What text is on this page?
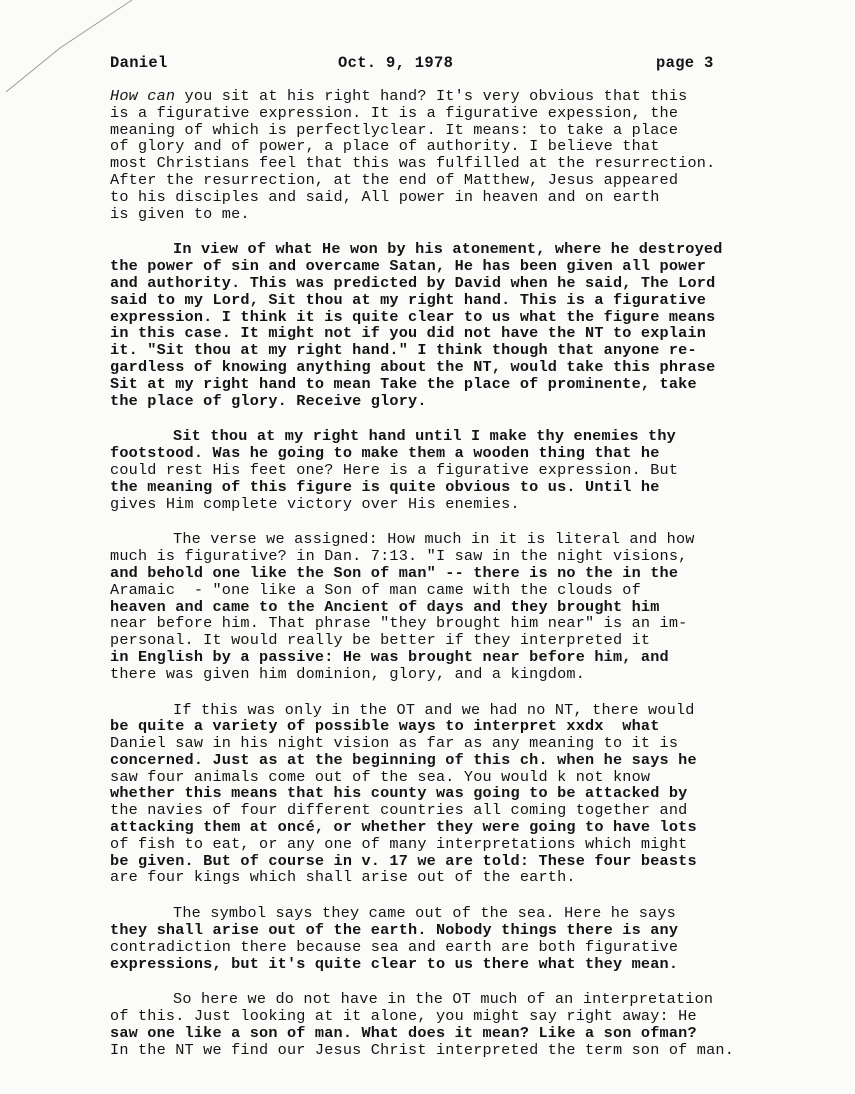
Daniel	Oct. 9, 1978	page 3
How can you sit at his right hand? It's very obvious that this
is a figurative expression. It is a figurative expession, the
meaning of which is perfectlyclear. It means: to take a place
of glory and of power, a place of authority. I believe that
most Christians feel that this was fulfilled at the resurrection.
After the resurrection, at the end of Matthew, Jesus appeared
to his disciples and said, All power in heaven and on earth
is given to me.
In view of what He won by his atonement, where he destroyed
the power of sin and overcame Satan, He has been given all power
and authority. This was predicted by David when he said, The Lord
said to my Lord, Sit thou at my right hand. This is a figurative
expression. I think it is quite clear to us what the figure means
in this case. It might not if you did not have the NT to explain
it. "Sit thou at my right hand." I think though that anyone re-
gardless of knowing anything about the NT, would take this phrase
Sit at my right hand to mean Take the place of prominente, take
the place of glory. Receive glory.
Sit thou at my right hand until I make thy enemies thy
footstood. Was he going to make them a wooden thing that he
could rest His feet one? Here is a figurative expression. But
the meaning of this figure is quite obvious to us. Until he
gives Him complete victory over His enemies.
The verse we assigned: How much in it is literal and how
much is figurative? in Dan. 7:13. "I saw in the night visions,
and behold one like the Son of man" -- there is no the in the
Aramaic  - "one like a Son of man came with the clouds of
heaven and came to the Ancient of days and they brought him
near before him. That phrase "they brought him near" is an im-
personal. It would really be better if they interpreted it
in English by a passive: He was brought near before him, and
there was given him dominion, glory, and a kingdom.
If this was only in the OT and we had no NT, there would
be quite a variety of possible ways to interpret xxdx  what
Daniel saw in his night vision as far as any meaning to it is
concerned. Just as at the beginning of this ch. when he says he
saw four animals come out of the sea. You would k not know
whether this means that his county was going to be attacked by
the navies of four different countries all coming together and
attacking them at oncé, or whether they were going to have lots
of fish to eat, or any one of many interpretations which might
be given. But of course in v. 17 we are told: These four beasts
are four kings which shall arise out of the earth.
The symbol says they came out of the sea. Here he says
they shall arise out of the earth. Nobody things there is any
contradiction there because sea and earth are both figurative
expressions, but it's quite clear to us there what they mean.
So here we do not have in the OT much of an interpretation
of this. Just looking at it alone, you might say right away: He
saw one like a son of man. What does it mean? Like a son ofman?
In the NT we find our Jesus Christ interpreted the term son of man.
